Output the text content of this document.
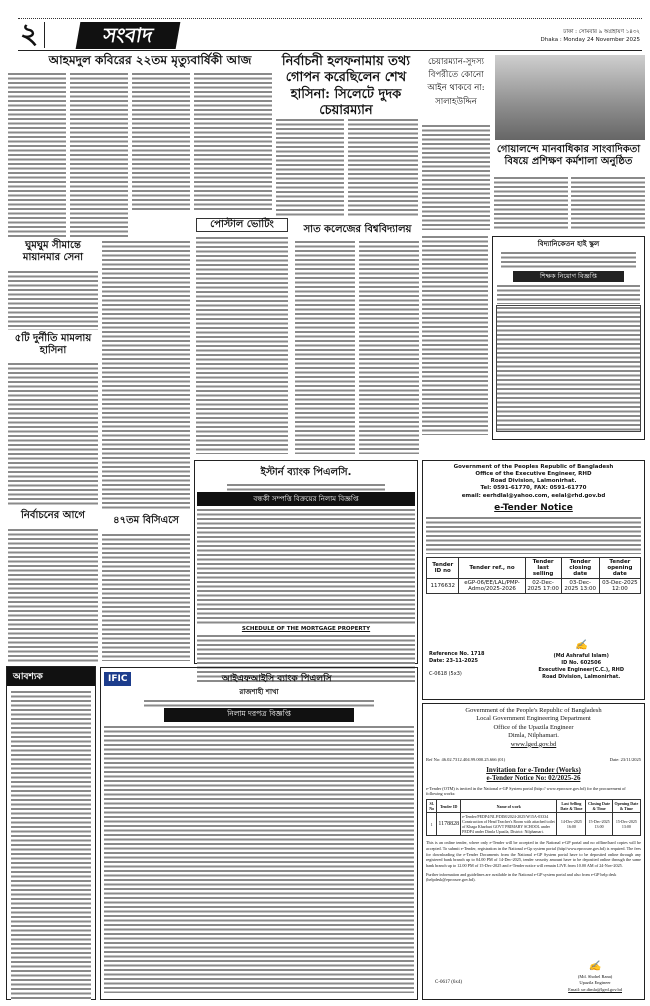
২	সংবাদ	ঢাকা : সোমবার ৯ অগ্রহায়ণ ১৪৩২
Dhaka : Monday 24 November 2025
আহমদুল কবিরের ২২তম মৃত্যুবার্ষিকী আজ
ঘুমঘুম সীমান্তে মায়ানমার সেনা
৫টি দুর্নীতি মামলায় হাসিনা
নির্বাচনের আগে	৪৭তম বিসিএসে
আবশ্যক
নির্বাচনী হলফনামায় তথ্য গোপন করেছিলেন শেখ হাসিনা: সিলেটে দুদক চেয়ারম্যান
পোস্টাল ভোটিং	সাত কলেজের বিশ্ববিদ্যালয়
চেয়ারম্যান-সুদস্য বিপরীতে কোনো আইন থাকবে না: সালাহউদ্দিন
গোয়ালন্দে মানবাধিকার সাংবাদিকতা বিষয়ে প্রশিক্ষণ কর্মশালা অনুষ্ঠিত
বিদ্যানিকেতন হাই স্কুল
শিক্ষক নিয়োগ বিজ্ঞপ্তি
Government of the Peoples Republic of Bangladesh
Office of the Executive Engineer, RHD
Road Division, Lalmonirhat.
Tel: 0591-61770, FAX: 0591-61770
email: eerhdlal@yahoo.com, eelal@rhd.gov.bd
e-Tender Notice
Tender ID no	Tender ref., no	Tender last selling	Tender closing date	Tender opening date
1176632	eGP-06/EE/LAL/PMP-Admo/2025-2026	02-Dec-2025 17:00	03-Dec-2025 13:00	03-Dec-2025 12:00
Reference No. 1718
Date: 23-11-2025
C-0618 (5x3)
✍
(Md Ashraful Islam)
ID No. 602506
Executive Engineer(C.C.), RHD
Road Division, Lalmonirhat.
ইস্টার্ন ব্যাংক পিএলসি.
বন্ধকী সম্পত্তি বিক্রয়ের নিলাম বিজ্ঞপ্তি
SCHEDULE OF THE MORTGAGE PROPERTY
IFIC	আইএফআইসি ব্যাংক পিএলসি
রাজশাহী শাখা
নিলাম দরপত্র বিজ্ঞপ্তি	Government of the People's Republic of Bangladesh
Local Government Engineering Department
Office of the Upazila Engineer
Dimla, Nilphamari.
www.lged.gov.bd
Ref No: 46.02.7312.404.99.000.25.666 (01)	Date: 23/11/2025
Invitation for e-Tender (Works)
e-Tender Notice No: 02/2025-26
e-Tender (OTM) is invited in the National e-GP System portal (http:// www.eprocure.gov.bd) for the procurement of following works:
Sl. No	Tender ID	Name of work	Last Selling Date & Time	Closing Date & Time	Opening Date & Time
1	1178828	e-Tender/PEDP4/NLP/DIM/2024-2025/W15A-03334 Construction of Head Teacher's Room with attached toilet of Khaga Kharbari GOVT PRIMARY SCHOOL under PEDP4 under Dimla Upazila, District: Nilphamari.	14-Dec-2025 16:00	15-Dec-2025 13:00	15-Dec-2025 13:00
This is an online tender, where only e-Tender will be accepted in the National e-GP portal and no offline/hard copies will be accepted. To submit e-Tender, registration in the National e-Gp system portal (http//www.eprocure.gov.bd) is required. The fees for downloading the e-Tender Documents from the National e-GP System portal have to be deposited online through any registered bank branch up to 04.00 PM of 14-Dec-2025, tender security amount have to be deposited online through the same bank branch up to 12.00 PM of 15-Dec-2025 and e-Tender notice will remain LIVE from 10.00 AM of 24-Nov-2025.
Further information and guidelines are available in the National e-GP system portal and also from e-GP help desk (helpdesk@eprocure.gov.bd).
C-0617 (6x4)
✍
(Md. Shohel Rana)
Upazila Engineer
Email: ue.dimla@lged.gov.bd
